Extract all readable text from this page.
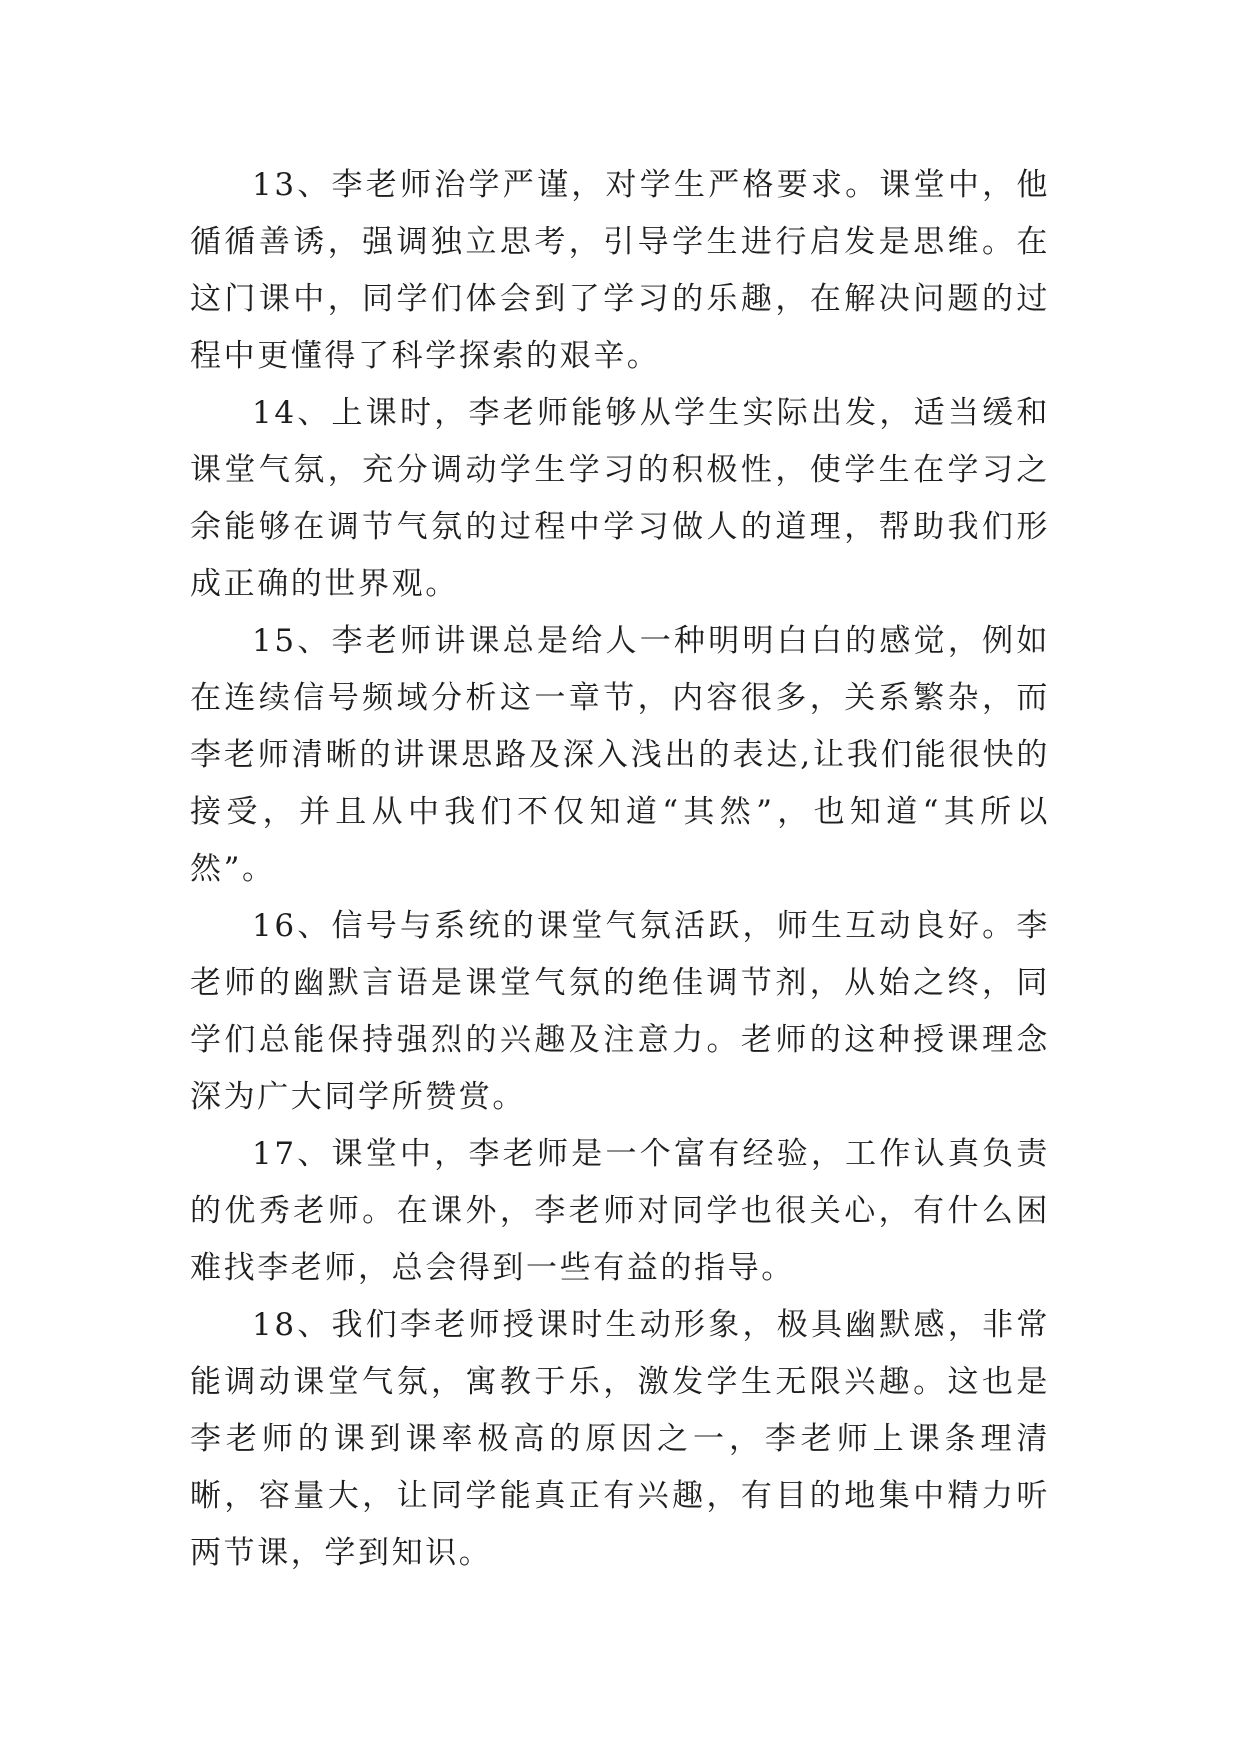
13、李老师治学严谨，对学生严格要求。课堂中，他循循善诱，强调独立思考，引导学生进行启发是思维。在这门课中，同学们体会到了学习的乐趣，在解决问题的过程中更懂得了科学探索的艰辛。

14、上课时，李老师能够从学生实际出发，适当缓和课堂气氛，充分调动学生学习的积极性，使学生在学习之余能够在调节气氛的过程中学习做人的道理，帮助我们形成正确的世界观。

15、李老师讲课总是给人一种明明白白的感觉，例如在连续信号频域分析这一章节，内容很多，关系繁杂，而李老师清晰的讲课思路及深入浅出的表达,让我们能很快的接受，并且从中我们不仅知道“其然”，也知道“其所以然”。

16、信号与系统的课堂气氛活跃，师生互动良好。李老师的幽默言语是课堂气氛的绝佳调节剂，从始之终，同学们总能保持强烈的兴趣及注意力。老师的这种授课理念深为广大同学所赞赏。

17、课堂中，李老师是一个富有经验，工作认真负责的优秀老师。在课外，李老师对同学也很关心，有什么困难找李老师，总会得到一些有益的指导。

18、我们李老师授课时生动形象，极具幽默感，非常能调动课堂气氛，寓教于乐，激发学生无限兴趣。这也是李老师的课到课率极高的原因之一，李老师上课条理清晰，容量大，让同学能真正有兴趣，有目的地集中精力听两节课，学到知识。
